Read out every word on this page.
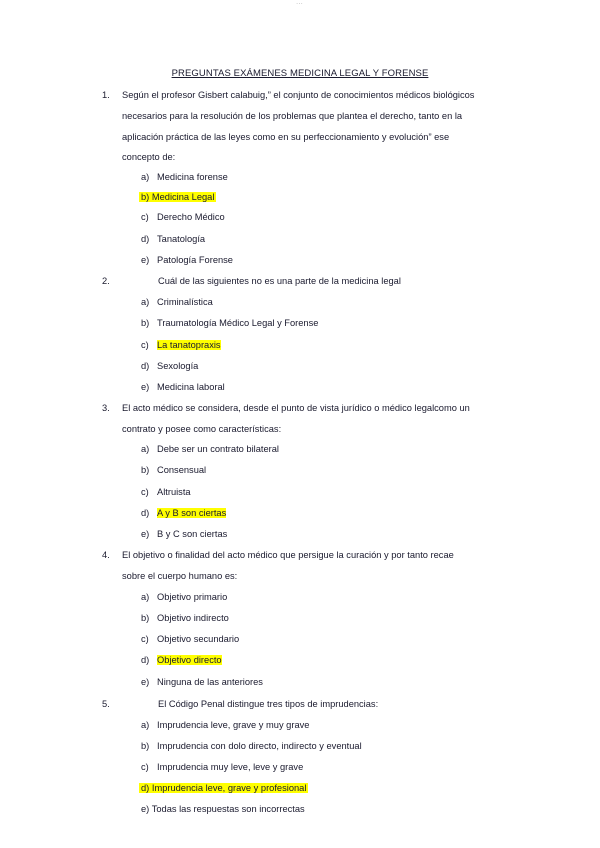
...
PREGUNTAS EXÁMENES MEDICINA LEGAL Y FORENSE
1. Según el profesor Gisbert calabuig,” el conjunto de conocimientos médicos biológicos
necesarios para la resolución de los problemas que plantea el derecho, tanto en la
aplicación práctica de las leyes como en su perfeccionamiento y evolución” ese
concepto de:
a) Medicina forense
b) Medicina Legal
c) Derecho Médico
d) Tanatología
e) Patología Forense
2.	Cuál de las siguientes no es una parte de la medicina legal
a) Criminalística
b) Traumatología Médico Legal y Forense
c) La tanatopraxis
d) Sexología
e) Medicina laboral
3. El acto médico se considera, desde el punto de vista jurídico o médico legalcomo un
contrato y posee como características:
a) Debe ser un contrato bilateral
b) Consensual
c) Altruista
d) A y B son ciertas
e) B y C son ciertas
4. El objetivo o finalidad del acto médico que persigue la curación y por tanto recae
sobre el cuerpo humano es:
a) Objetivo primario
b) Objetivo indirecto
c) Objetivo secundario
d) Objetivo directo
e) Ninguna de las anteriores
5.	El Código Penal distingue tres tipos de imprudencias:
a) Imprudencia leve, grave y muy grave
b) Imprudencia con dolo directo, indirecto y eventual
c) Imprudencia muy leve, leve y grave
d) Imprudencia leve, grave y profesional
e) Todas las respuestas son incorrectas
